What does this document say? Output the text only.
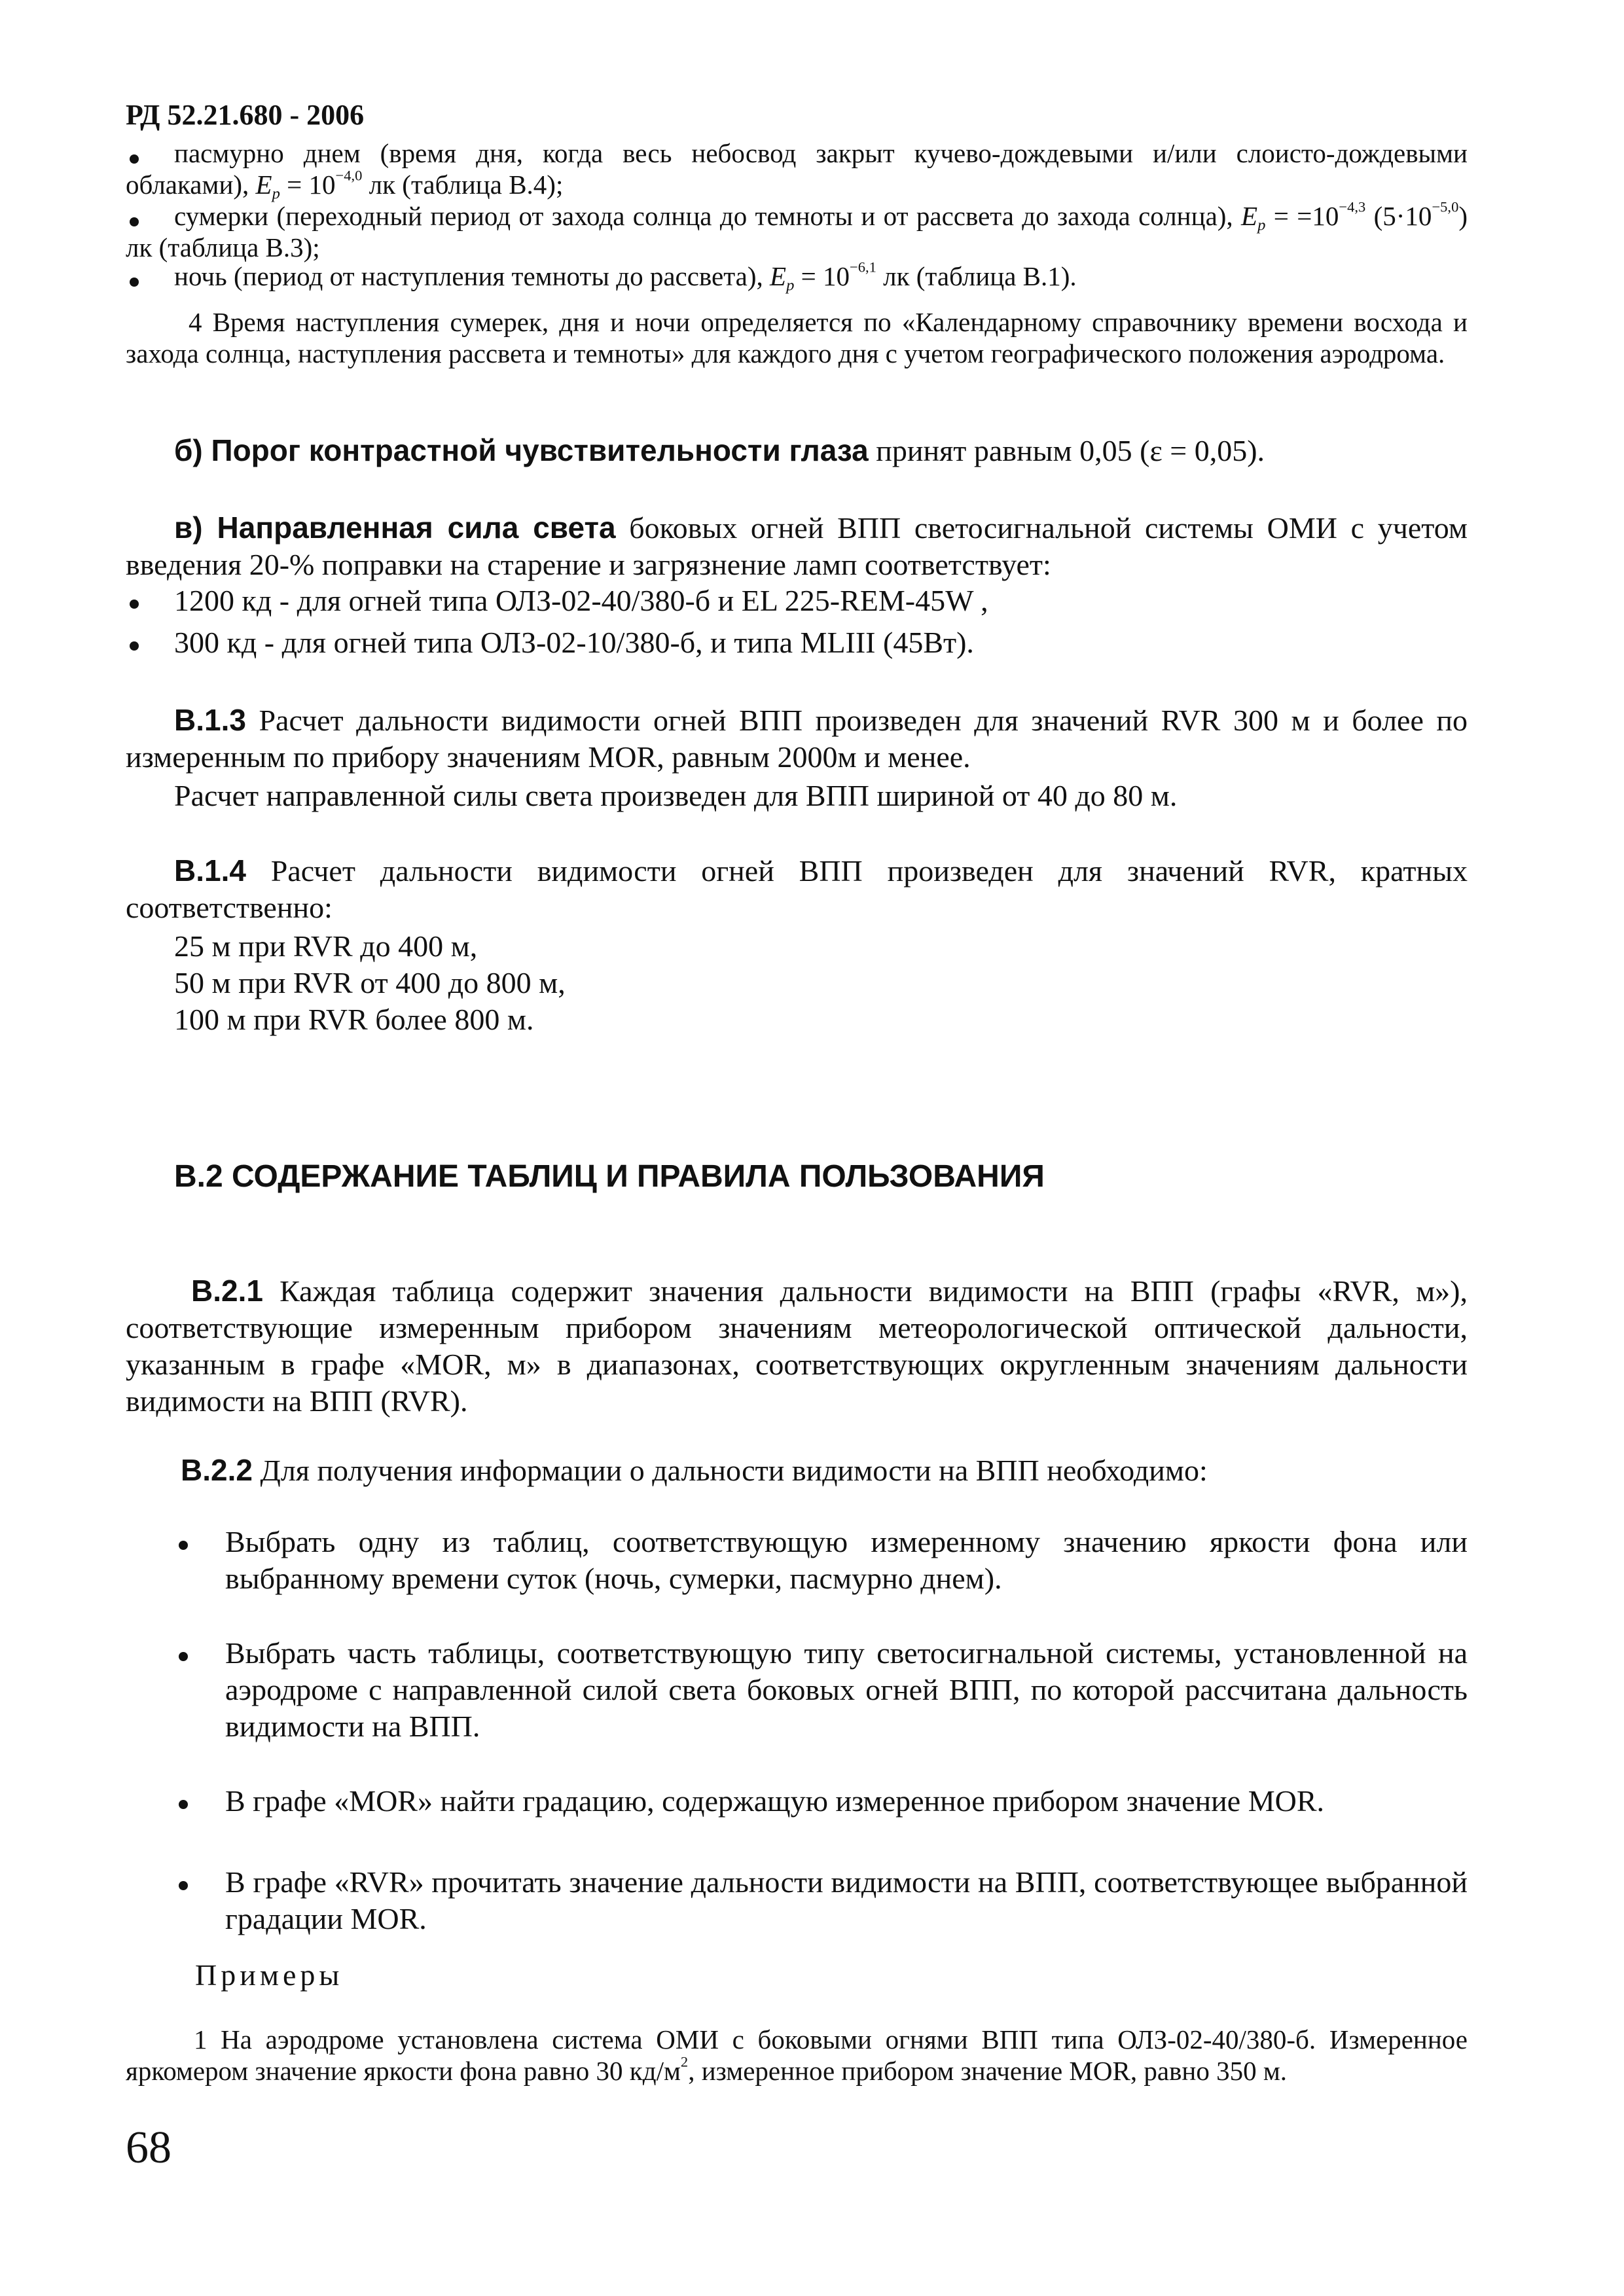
РД 52.21.680 - 2006
пасмурно днем (время дня, когда весь небосвод закрыт кучево-дождевыми и/или слоисто-дождевыми облаками), $E_p = 10^{-4,0}$ лк (таблица В.4);
сумерки (переходный период от захода солнца до темноты и от рассвета до захода солнца), $E_p = =10^{-4,3}$ $(5\cdot 10^{-5,0})$ лк (таблица В.3);
ночь (период от наступления темноты до рассвета), $E_p = 10^{-6,1}$ лк (таблица В.1).
4 Время наступления сумерек, дня и ночи определяется по «Календарному справочнику времени восхода и захода солнца, наступления рассвета и темноты» для каждого дня с учетом географического положения аэродрома.
б) Порог контрастной чувствительности глаза принят равным 0,05 (ε = 0,05).
в) Направленная сила света боковых огней ВПП светосигнальной системы ОМИ с учетом введения 20-% поправки на старение и загрязнение ламп соответствует:
1200 кд - для огней типа ОЛЗ-02-40/380-б и EL 225-REM-45W ,
300 кд - для огней типа ОЛЗ-02-10/380-б, и типа MLIII (45Вт).
В.1.3 Расчет дальности видимости огней ВПП произведен для значений RVR 300 м и более по измеренным по прибору значениям MOR, равным 2000м и менее.
Расчет направленной силы света произведен для ВПП шириной от 40 до 80 м.
В.1.4 Расчет дальности видимости огней ВПП произведен для значений RVR, кратных соответственно:
25 м при RVR до 400 м,
50 м при RVR от 400 до 800 м,
100 м при RVR более 800 м.
В.2 СОДЕРЖАНИЕ ТАБЛИЦ И ПРАВИЛА ПОЛЬЗОВАНИЯ
В.2.1 Каждая таблица содержит значения дальности видимости на ВПП (графы «RVR, м»), соответствующие измеренным прибором значениям метеорологической оптической дальности, указанным в графе «MOR, м» в диапазонах, соответствующих округленным значениям дальности видимости на ВПП (RVR).
В.2.2 Для получения информации о дальности видимости на ВПП необходимо:
Выбрать одну из таблиц, соответствующую измеренному значению яркости фона или выбранному времени суток (ночь, сумерки, пасмурно днем).
Выбрать часть таблицы, соответствующую типу светосигнальной системы, установленной на аэродроме с направленной силой света боковых огней ВПП, по которой рассчитана дальность видимости на ВПП.
В графе «MOR» найти градацию, содержащую измеренное прибором значение MOR.
В графе «RVR» прочитать значение дальности видимости на ВПП, соответствующее выбранной градации MOR.
Примеры
1 На аэродроме установлена система ОМИ с боковыми огнями ВПП типа ОЛЗ-02-40/380-б. Измеренное яркомером значение яркости фона равно 30 $кд/м^2$, измеренное прибором значение MOR, равно 350 м.
68
